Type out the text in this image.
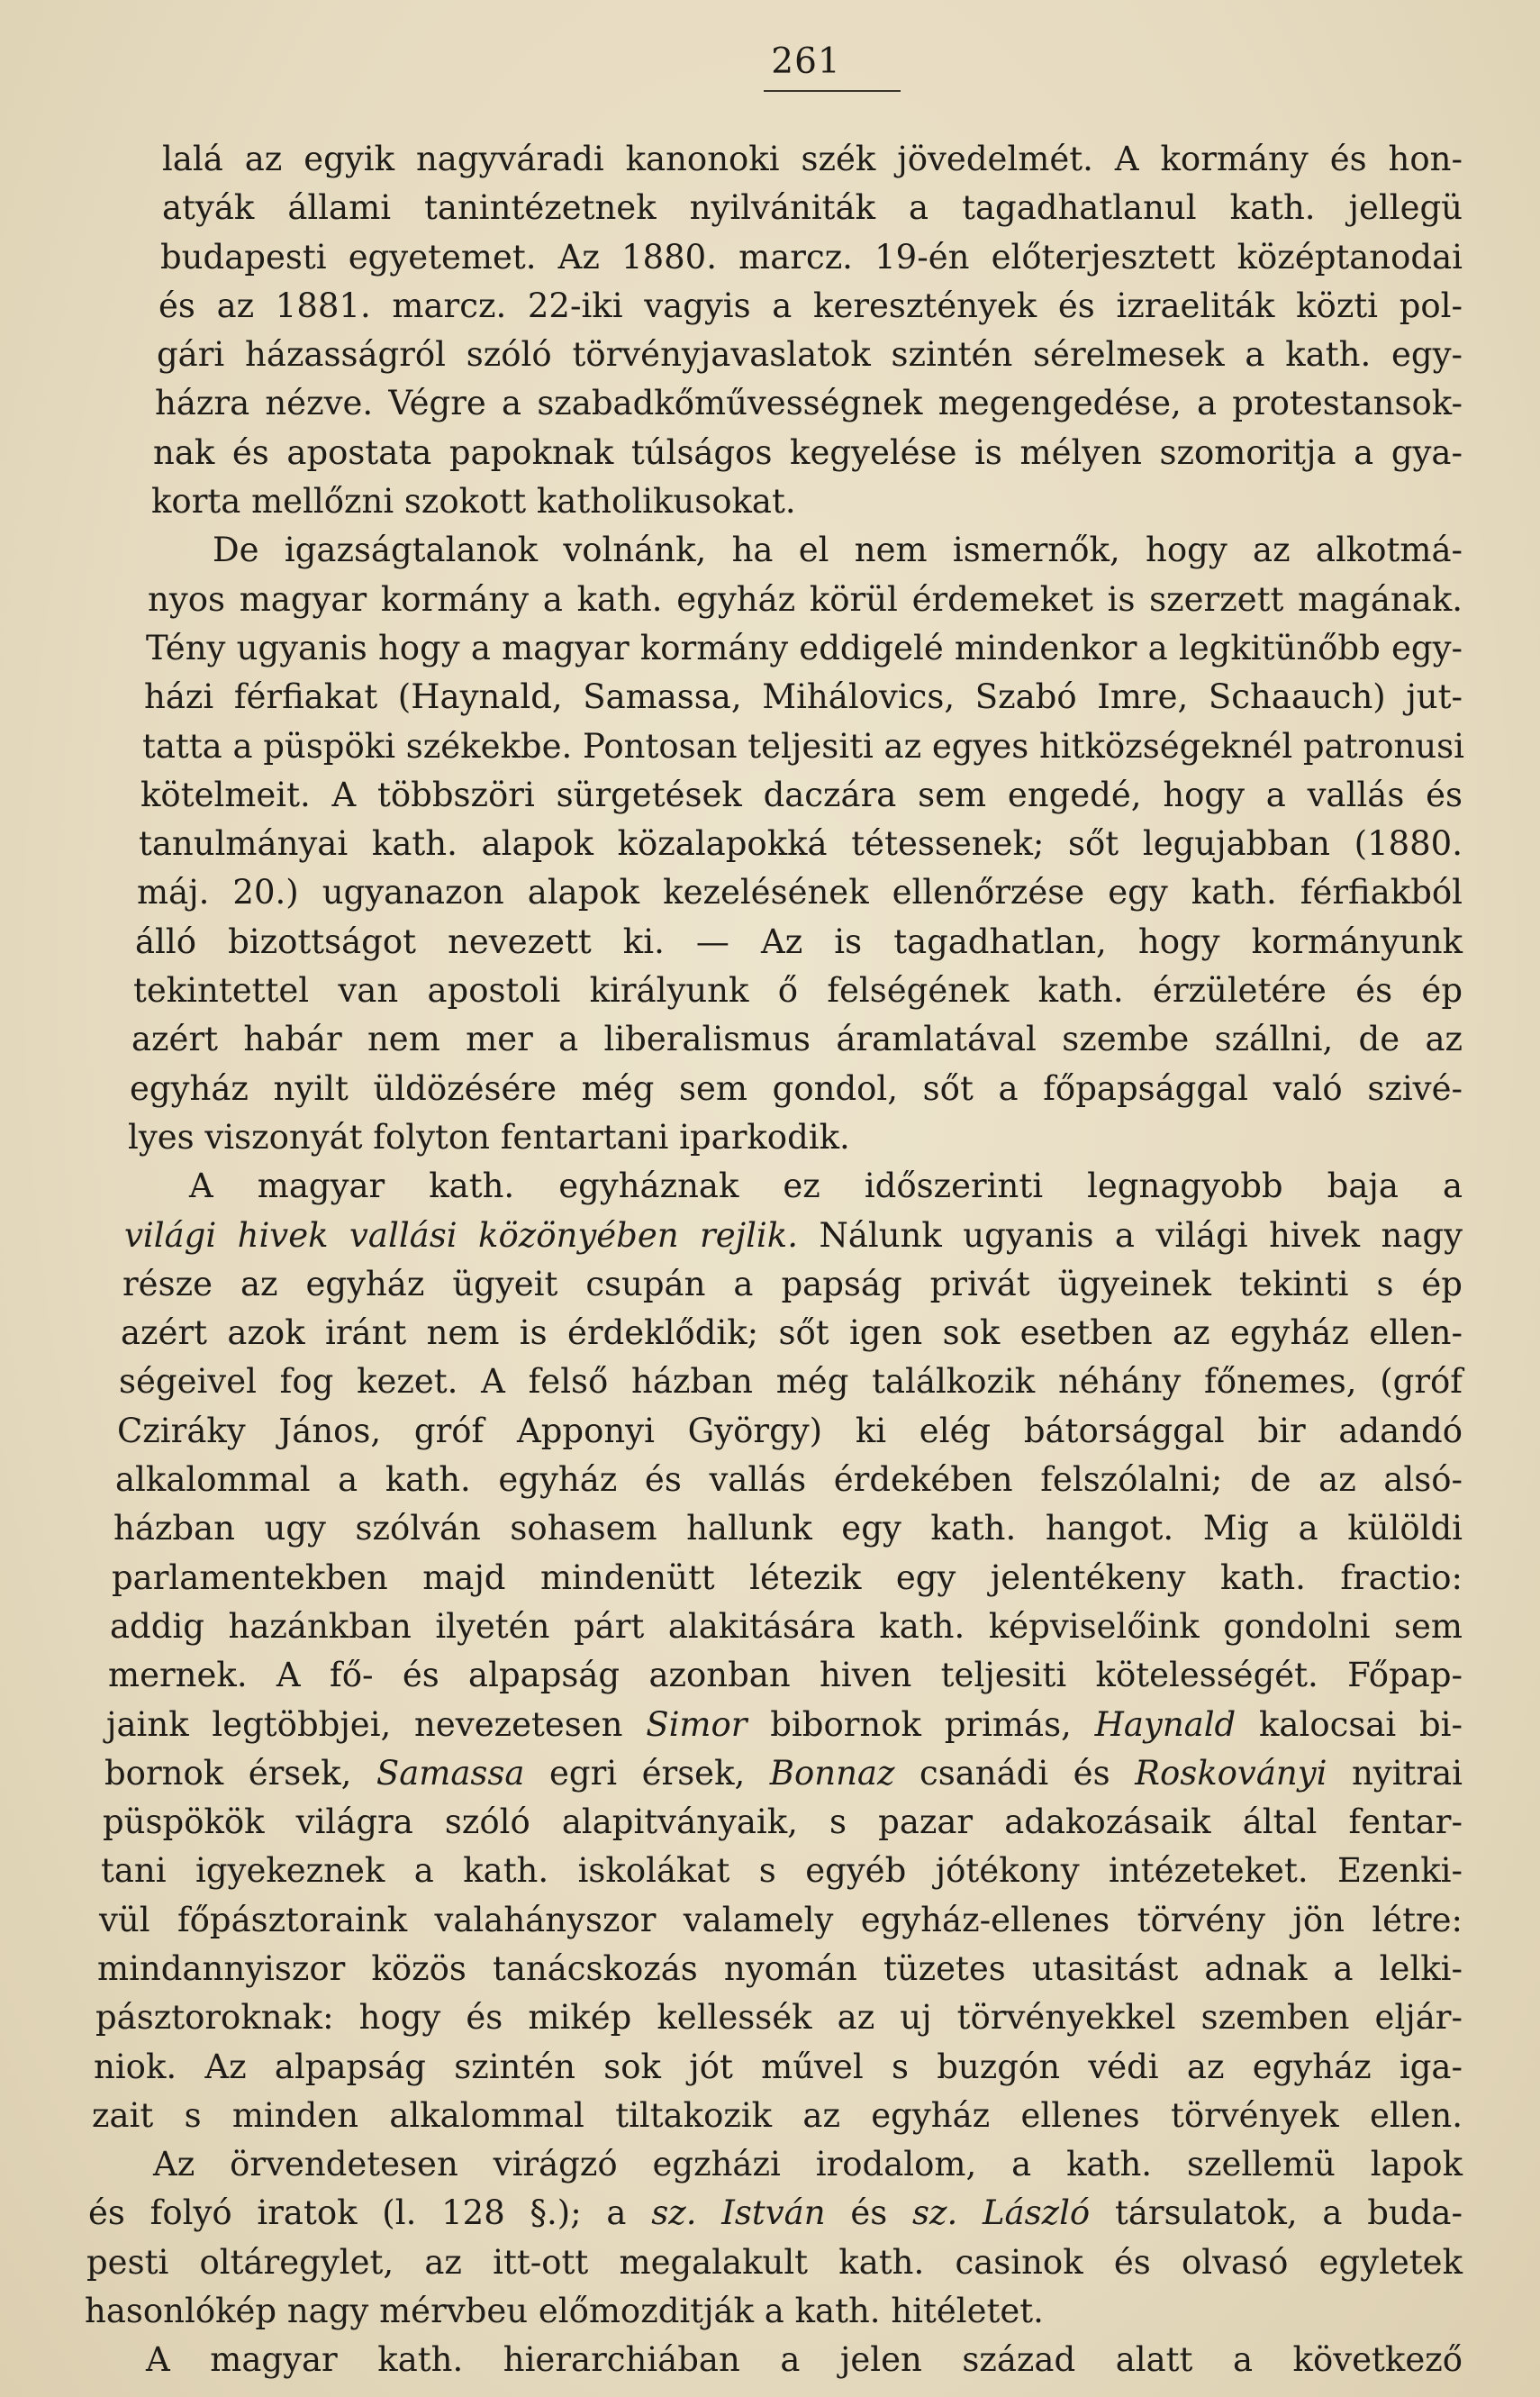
261
lalá az egyik nagyváradi kanonoki szék jövedelmét. A kormány és hon-
atyák állami tanintézetnek nyilvániták a tagadhatlanul kath. jellegü
budapesti egyetemet. Az 1880. marcz. 19-én előterjesztett középtanodai
és az 1881. marcz. 22-iki vagyis a keresztények és izraeliták közti pol-
gári házasságról szóló törvényjavaslatok szintén sérelmesek a kath. egy-
házra nézve. Végre a szabadkőművességnek megengedése, a protestansok-
nak és apostata papoknak túlságos kegyelése is mélyen szomoritja a gya-
korta mellőzni szokott katholikusokat.
De igazságtalanok volnánk, ha el nem ismernők, hogy az alkotmá-
nyos magyar kormány a kath. egyház körül érdemeket is szerzett magának.
Tény ugyanis hogy a magyar kormány eddigelé mindenkor a legkitünőbb egy-
házi férfiakat (Haynald, Samassa, Mihálovics, Szabó Imre, Schaauch) jut-
tatta a püspöki székekbe. Pontosan teljesiti az egyes hitközségeknél patronusi
kötelmeit. A többszöri sürgetések daczára sem engedé, hogy a vallás és
tanulmányai kath. alapok közalapokká tétessenek; sőt legujabban (1880.
máj. 20.) ugyanazon alapok kezelésének ellenőrzése egy kath. férfiakból
álló bizottságot nevezett ki. — Az is tagadhatlan, hogy kormányunk
tekintettel van apostoli királyunk ő felségének kath. érzületére és ép
azért habár nem mer a liberalismus áramlatával szembe szállni, de az
egyház nyilt üldözésére még sem gondol, sőt a főpapsággal való szivé-
lyes viszonyát folyton fentartani iparkodik.
A magyar kath. egyháznak ez időszerinti legnagyobb baja a
világi hivek vallási közönyében rejlik. Nálunk ugyanis a világi hivek nagy
része az egyház ügyeit csupán a papság privát ügyeinek tekinti s ép
azért azok iránt nem is érdeklődik; sőt igen sok esetben az egyház ellen-
ségeivel fog kezet. A felső házban még találkozik néhány főnemes, (gróf
Cziráky János, gróf Apponyi György) ki elég bátorsággal bir adandó
alkalommal a kath. egyház és vallás érdekében felszólalni; de az alsó-
házban ugy szólván sohasem hallunk egy kath. hangot. Mig a külöldi
parlamentekben majd mindenütt létezik egy jelentékeny kath. fractio:
addig hazánkban ilyetén párt alakitására kath. képviselőink gondolni sem
mernek. A fő- és alpapság azonban hiven teljesiti kötelességét. Főpap-
jaink legtöbbjei, nevezetesen Simor bibornok primás, Haynald kalocsai bi-
bornok érsek, Samassa egri érsek, Bonnaz csanádi és Roskoványi nyitrai
püspökök világra szóló alapitványaik, s pazar adakozásaik által fentar-
tani igyekeznek a kath. iskolákat s egyéb jótékony intézeteket. Ezenki-
vül főpásztoraink valahányszor valamely egyház-ellenes törvény jön létre:
mindannyiszor közös tanácskozás nyomán tüzetes utasitást adnak a lelki-
pásztoroknak: hogy és mikép kellessék az uj törvényekkel szemben eljár-
niok. Az alpapság szintén sok jót művel s buzgón védi az egyház iga-
zait s minden alkalommal tiltakozik az egyház ellenes törvények ellen.
Az örvendetesen virágzó egzházi irodalom, a kath. szellemü lapok
és folyó iratok (l. 128 §.); a sz. István és sz. László társulatok, a buda-
pesti oltáregylet, az itt-ott megalakult kath. casinok és olvasó egyletek
hasonlókép nagy mérvbeu előmozditják a kath. hitéletet.
A magyar kath. hierarchiában a jelen század alatt a következő
